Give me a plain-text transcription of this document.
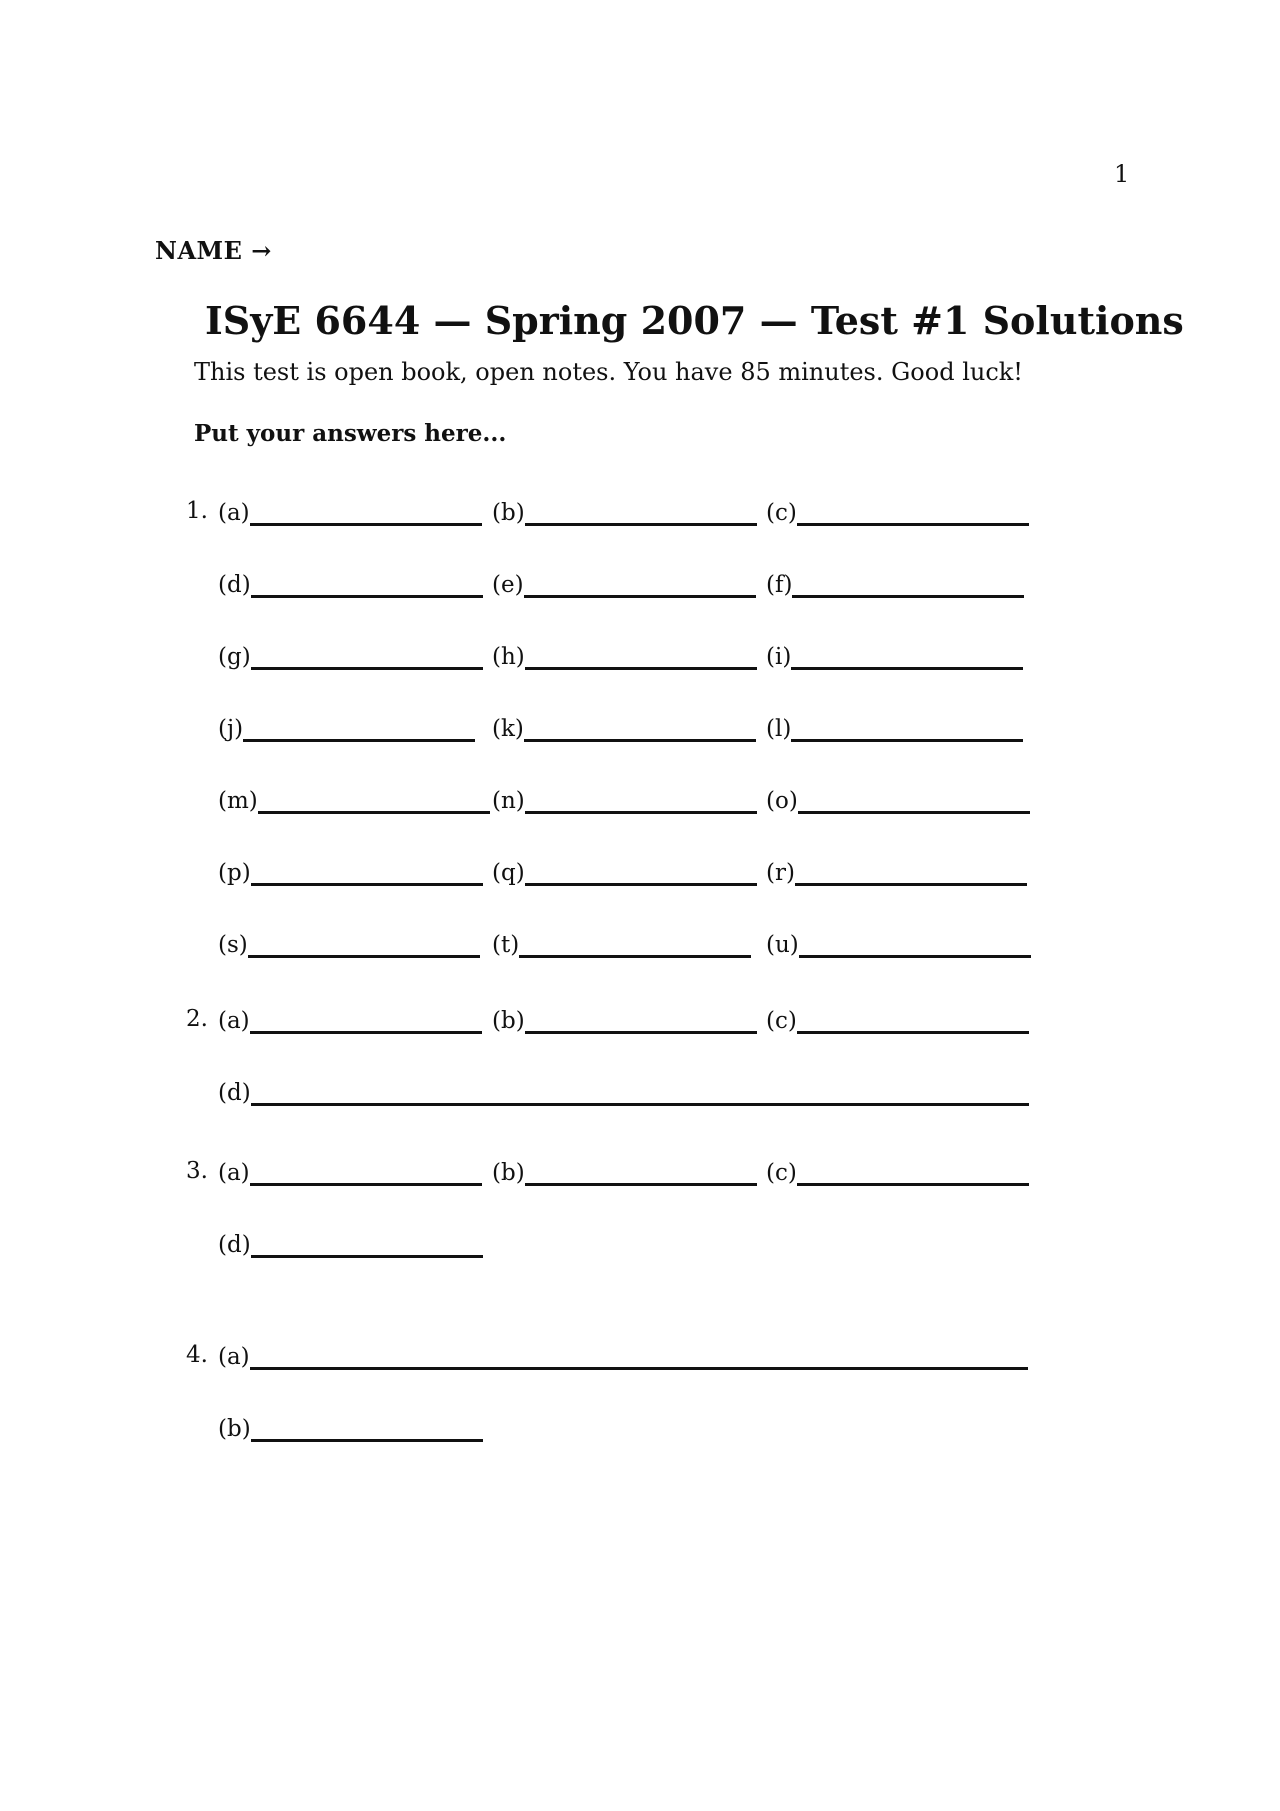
1
NAME →
ISyE 6644 — Spring 2007 — Test #1 Solutions

This test is open book, open notes. You have 85 minutes. Good luck!

Put your answers here...

1. (a)	(b)	(c)
(d)	(e)	(f)
(g)	(h)	(i)
(j)	(k)	(l)
(m)	(n)	(o)
(p)	(q)	(r)
(s)	(t)	(u)
2. (a)	(b)	(c)
(d)
3. (a)	(b)	(c)
(d)
4. (a)
(b)
